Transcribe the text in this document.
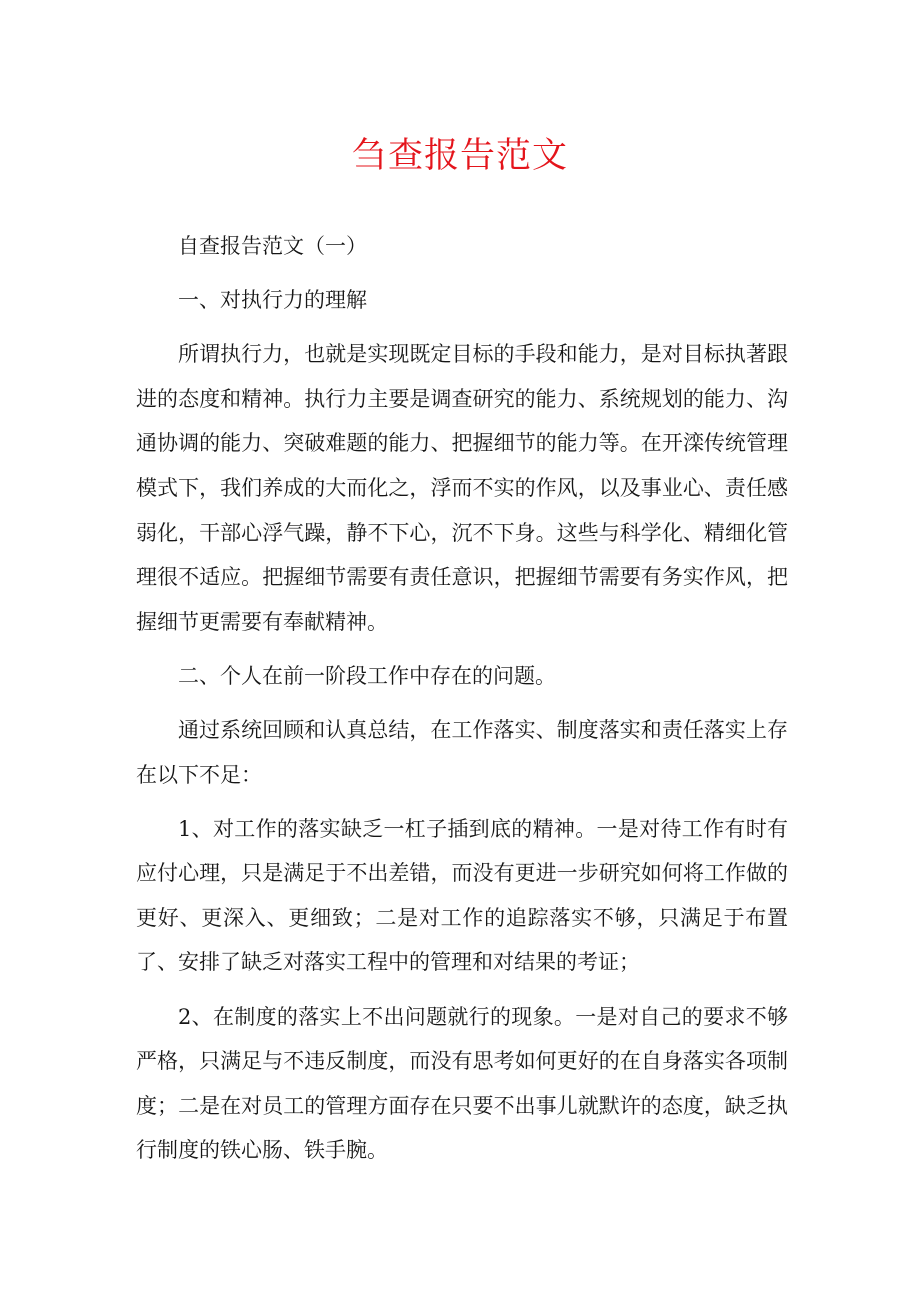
刍查报告范文

自查报告范文（一）

一、对执行力的理解

所谓执行力，也就是实现既定目标的手段和能力，是对目标执著跟进的态度和精神。执行力主要是调查研究的能力、系统规划的能力、沟通协调的能力、突破难题的能力、把握细节的能力等。在开滦传统管理模式下，我们养成的大而化之，浮而不实的作风，以及事业心、责任感弱化，干部心浮气躁，静不下心，沉不下身。这些与科学化、精细化管理很不适应。把握细节需要有责任意识，把握细节需要有务实作风，把握细节更需要有奉献精神。

二、个人在前一阶段工作中存在的问题。

通过系统回顾和认真总结，在工作落实、制度落实和责任落实上存在以下不足：

1、对工作的落实缺乏一杠子插到底的精神。一是对待工作有时有应付心理，只是满足于不出差错，而没有更进一步研究如何将工作做的更好、更深入、更细致；二是对工作的追踪落实不够，只满足于布置了、安排了缺乏对落实工程中的管理和对结果的考证；

2、在制度的落实上不出问题就行的现象。一是对自己的要求不够严格，只满足与不违反制度，而没有思考如何更好的在自身落实各项制度；二是在对员工的管理方面存在只要不出事儿就默许的态度，缺乏执行制度的铁心肠、铁手腕。
